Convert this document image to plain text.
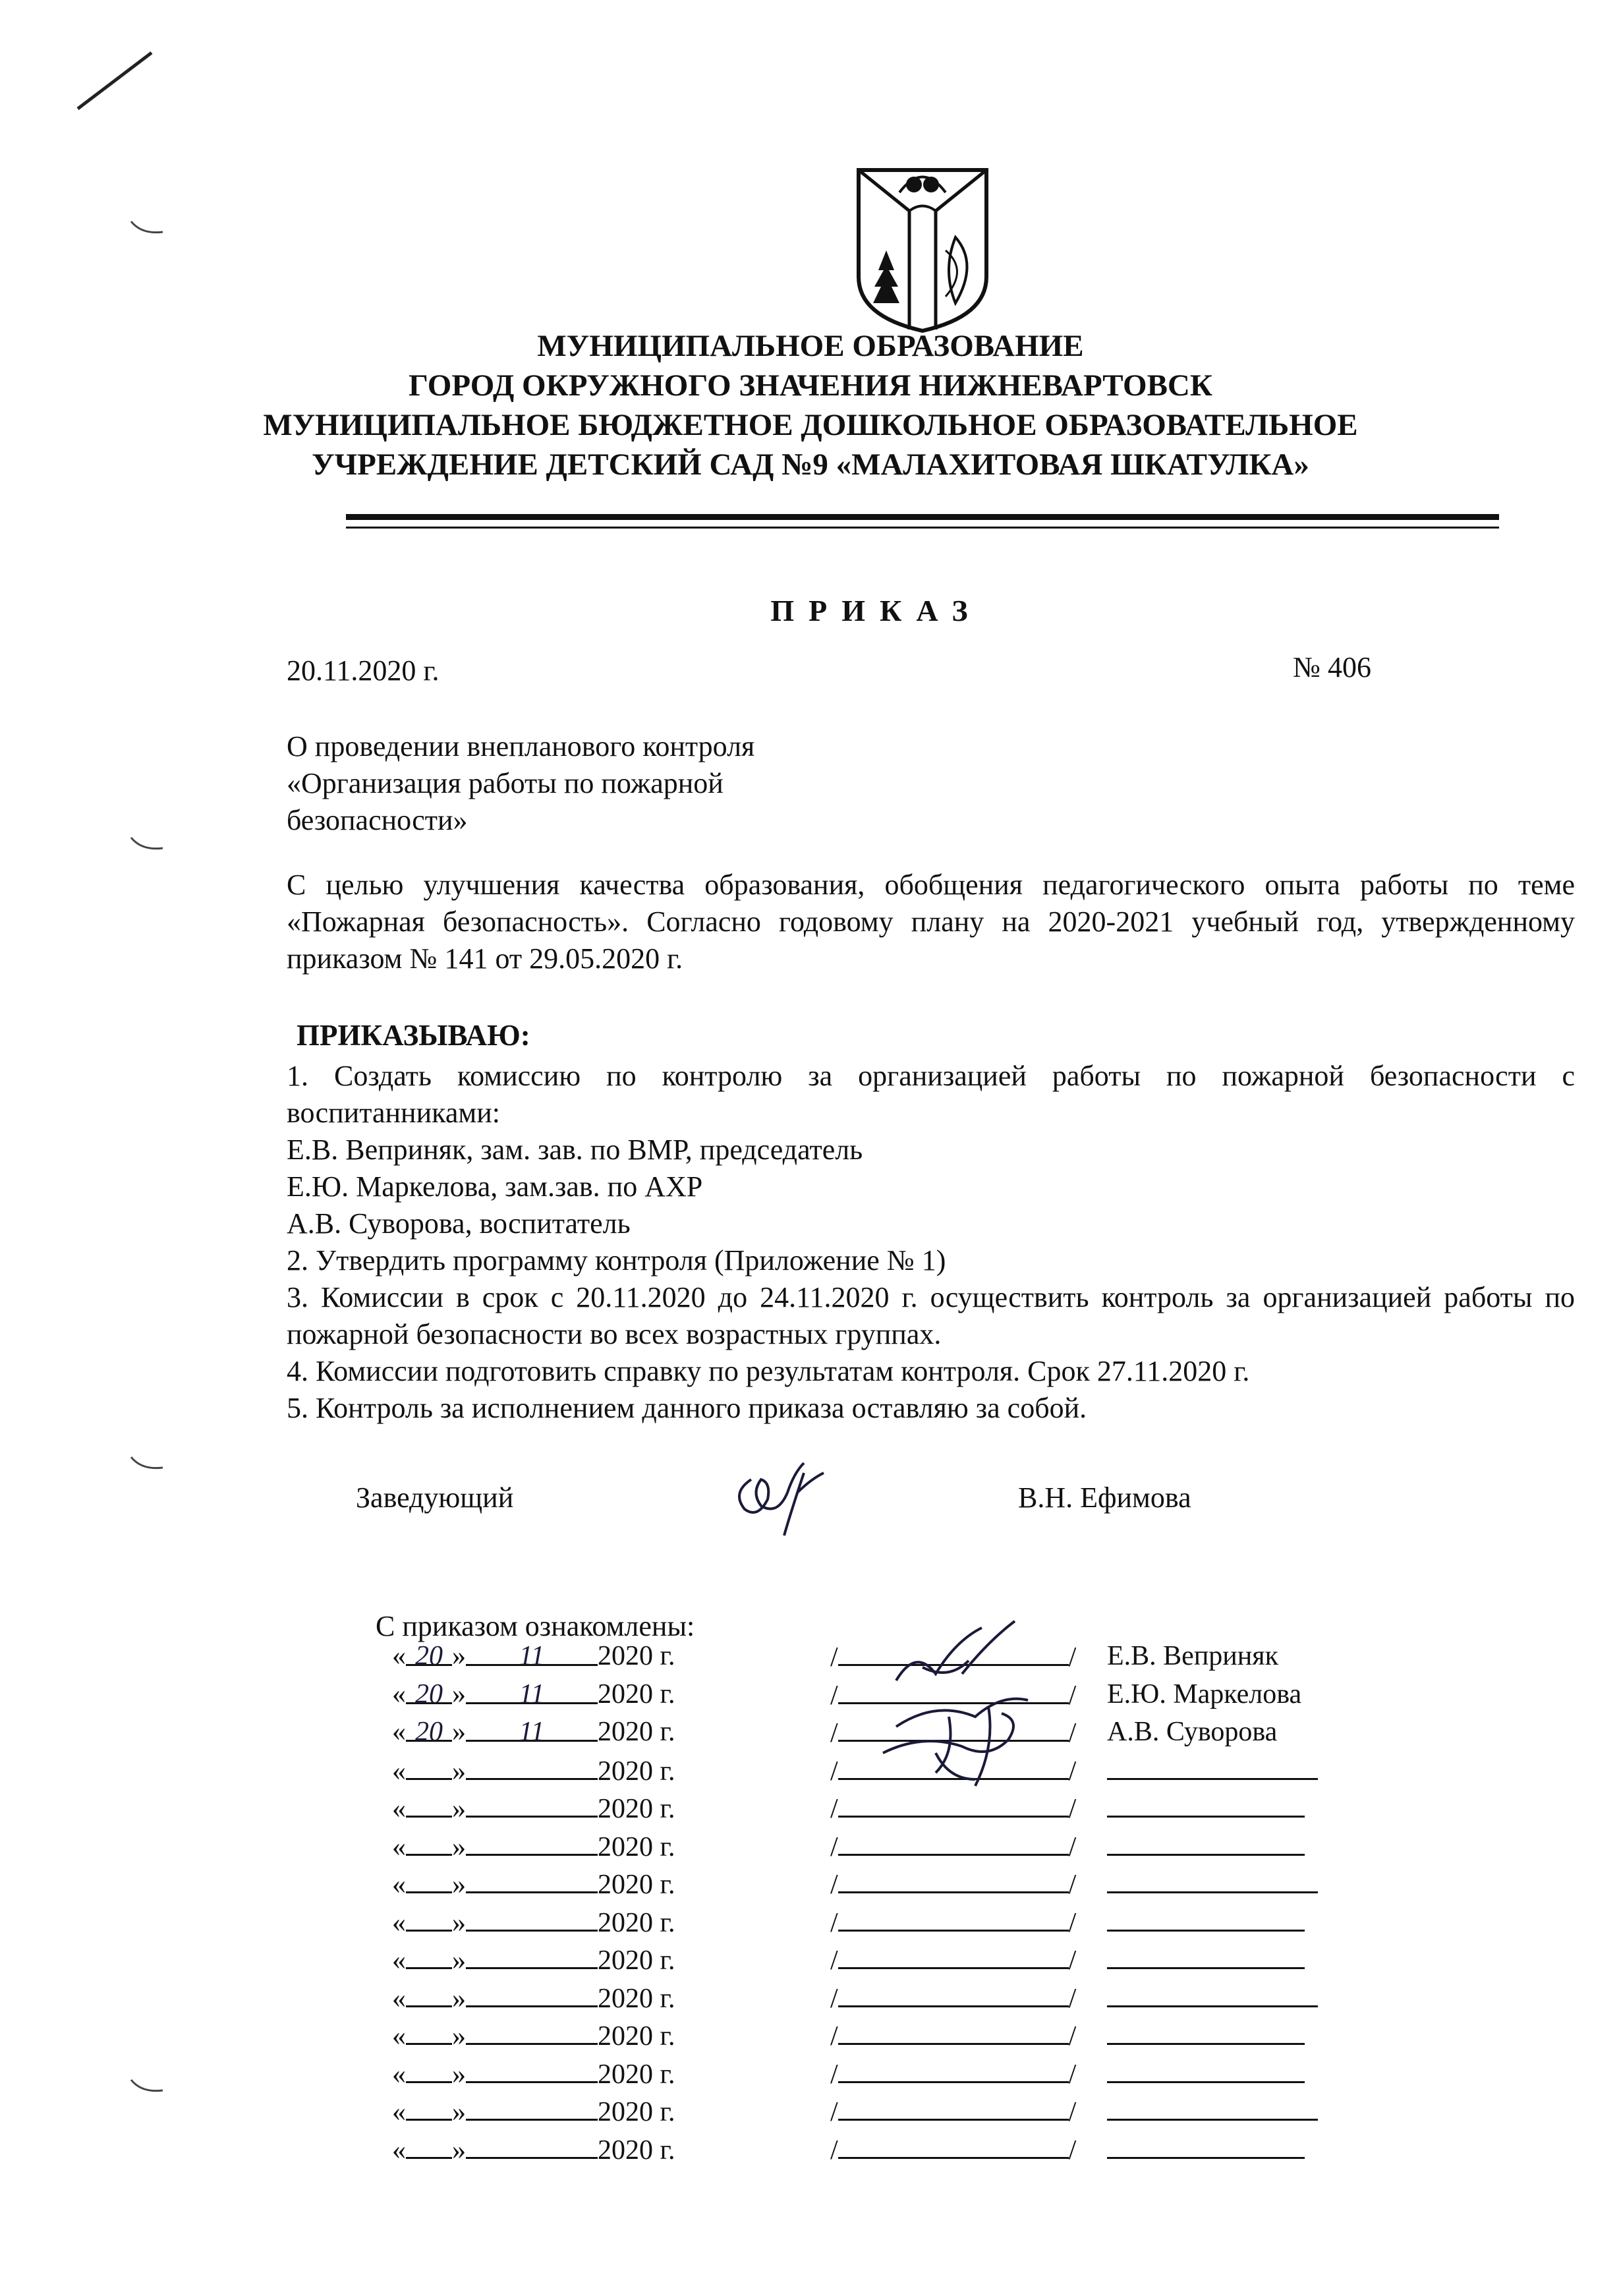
МУНИЦИПАЛЬНОЕ ОБРАЗОВАНИЕ
ГОРОД ОКРУЖНОГО ЗНАЧЕНИЯ НИЖНЕВАРТОВСК
МУНИЦИПАЛЬНОЕ БЮДЖЕТНОЕ ДОШКОЛЬНОЕ ОБРАЗОВАТЕЛЬНОЕ
УЧРЕЖДЕНИЕ ДЕТСКИЙ САД №9 «МАЛАХИТОВАЯ ШКАТУЛКА»
ПРИКАЗ
20.11.2020 г.	№ 406
О проведении внепланового контроля
«Организация работы по пожарной
безопасности»
С целью улучшения качества образования, обобщения педагогического опыта работы по теме «Пожарная безопасность». Согласно годовому плану на 2020-2021 учебный год, утвержденному приказом № 141 от 29.05.2020 г.
ПРИКАЗЫВАЮ:
1. Создать комиссию по контролю за организацией работы по пожарной безопасности с воспитанниками:
Е.В. Веприняк, зам. зав. по ВМР, председатель
Е.Ю. Маркелова, зам.зав. по АХР
А.В. Суворова, воспитатель
2. Утвердить программу контроля (Приложение № 1)
3. Комиссии в срок с 20.11.2020 до 24.11.2020 г. осуществить контроль за организацией работы по пожарной безопасности во всех возрастных группах.
4. Комиссии подготовить справку по результатам контроля. Срок 27.11.2020 г.
5. Контроль за исполнением данного приказа оставляю за собой.
Заведующий	В.Н. Ефимова
С приказом ознакомлены:
« 20 » 11 2020 г.	/	/ Е.В. Веприняк
« 20 » 11 2020 г.	/	/ Е.Ю. Маркелова
« 20 » 11 2020 г.	/	/ А.В. Суворова
« »	2020 г.	/	/
« »	2020 г.	/	/
« »	2020 г.	/	/
« »	2020 г.	/	/
« »	2020 г.	/	/
« »	2020 г.	/	/
« »	2020 г.	/	/
« »	2020 г.	/	/
« »	2020 г.	/	/
« »	2020 г.	/	/
« »	2020 г.	/	/
